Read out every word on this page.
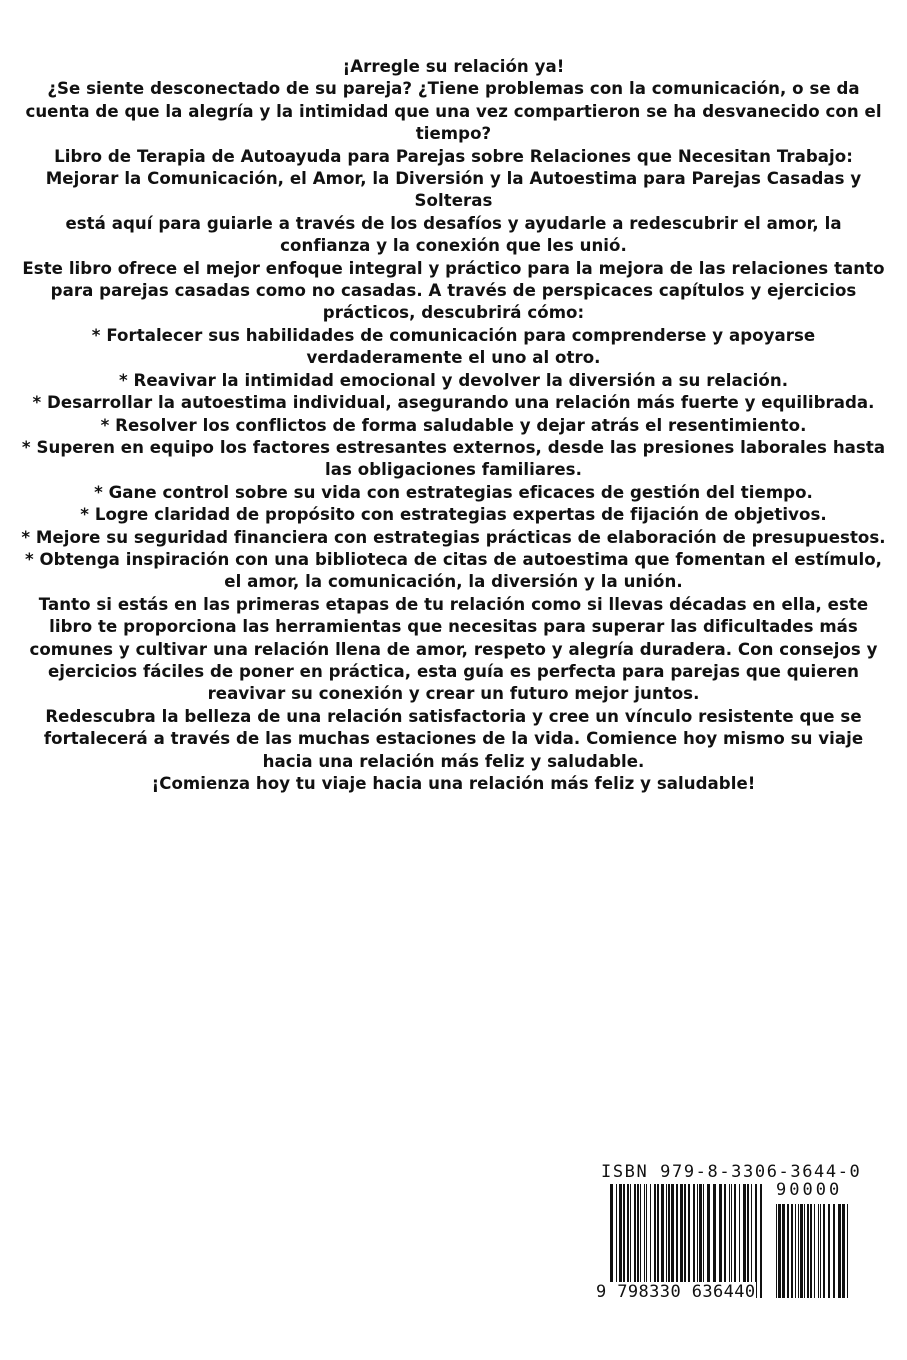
¡Arregle su relación ya!

¿Se siente desconectado de su pareja? ¿Tiene problemas con la comunicación, o se da cuenta de que la alegría y la intimidad que una vez compartieron se ha desvanecido con el tiempo?

Libro de Terapia de Autoayuda para Parejas sobre Relaciones que Necesitan Trabajo: Mejorar la Comunicación, el Amor, la Diversión y la Autoestima para Parejas Casadas y Solteras

está aquí para guiarle a través de los desafíos y ayudarle a redescubrir el amor, la confianza y la conexión que les unió.

Este libro ofrece el mejor enfoque integral y práctico para la mejora de las relaciones tanto para parejas casadas como no casadas. A través de perspicaces capítulos y ejercicios prácticos, descubrirá cómo:

* Fortalecer sus habilidades de comunicación para comprenderse y apoyarse verdaderamente el uno al otro.

* Reavivar la intimidad emocional y devolver la diversión a su relación.

* Desarrollar la autoestima individual, asegurando una relación más fuerte y equilibrada.

* Resolver los conflictos de forma saludable y dejar atrás el resentimiento.

* Superen en equipo los factores estresantes externos, desde las presiones laborales hasta las obligaciones familiares.

* Gane control sobre su vida con estrategias eficaces de gestión del tiempo.

* Logre claridad de propósito con estrategias expertas de fijación de objetivos.

* Mejore su seguridad financiera con estrategias prácticas de elaboración de presupuestos.

* Obtenga inspiración con una biblioteca de citas de autoestima que fomentan el estímulo, el amor, la comunicación, la diversión y la unión.

Tanto si estás en las primeras etapas de tu relación como si llevas décadas en ella, este libro te proporciona las herramientas que necesitas para superar las dificultades más comunes y cultivar una relación llena de amor, respeto y alegría duradera. Con consejos y ejercicios fáciles de poner en práctica, esta guía es perfecta para parejas que quieren reavivar su conexión y crear un futuro mejor juntos.

Redescubra la belleza de una relación satisfactoria y cree un vínculo resistente que se fortalecerá a través de las muchas estaciones de la vida. Comience hoy mismo su viaje hacia una relación más feliz y saludable.

¡Comienza hoy tu viaje hacia una relación más feliz y saludable!

ISBN 979-8-3306-3644-0
90000
9 798330 636440
